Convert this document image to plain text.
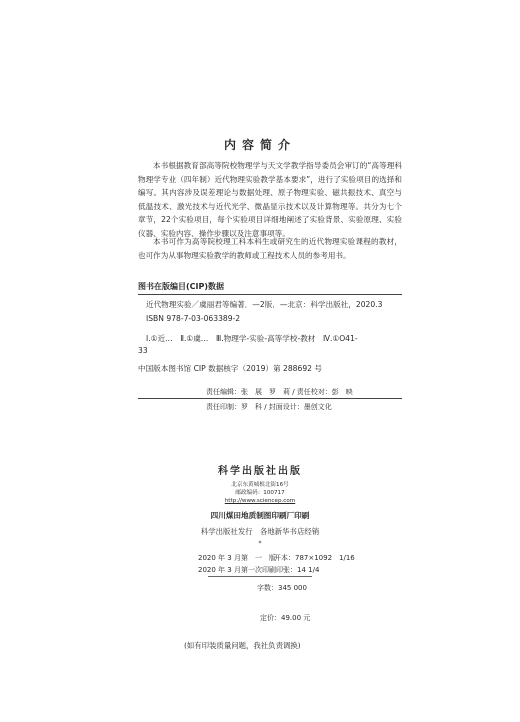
内容简介

本书根据教育部高等院校物理学与天文学教学指导委员会审订的“高等理科物理学专业（四年制）近代物理实验教学基本要求”，进行了实验项目的选择和编写。其内容涉及误差理论与数据处理、原子物理实验、磁共振技术、真空与低温技术、激光技术与近代光学、微晶显示技术以及计算物理等。共分为七个章节，22个实验项目，每个实验项目详细地阐述了实验背景、实验原理、实验仪器、实验内容、操作步骤以及注意事项等。

本书可作为高等院校理工科本科生或研究生的近代物理实验课程的教材，也可作为从事物理实验教学的教师或工程技术人员的参考用书。

图书在版编目(CIP)数据
近代物理实验／虞丽君等编著．—2版．—北京：科学出版社，2020.3
ISBN 978-7-03-063389-2
Ⅰ.①近…　Ⅱ.①虞…　Ⅲ.物理学-实验-高等学校-教材　Ⅳ.①O41-
33
中国版本图书馆 CIP 数据核字（2019）第 288692 号
责任编辑：张　展　罗　莉 / 责任校对：彭　映
责任印制：罗　科 / 封面设计：墨创文化
科学出版社出版
北京东黄城根北街16号
邮政编码：100717
http://www.sciencep.com
四川煤田地质制图印刷厂印刷
科学出版社发行　各地新华书店经销
*
2020 年 3 月第　一　版
开本：787×1092　1/16
2020 年 3 月第一次印刷 印张：14 1/4
字数：345 000
定价：49.00 元
(如有印装质量问题，我社负责调换)
